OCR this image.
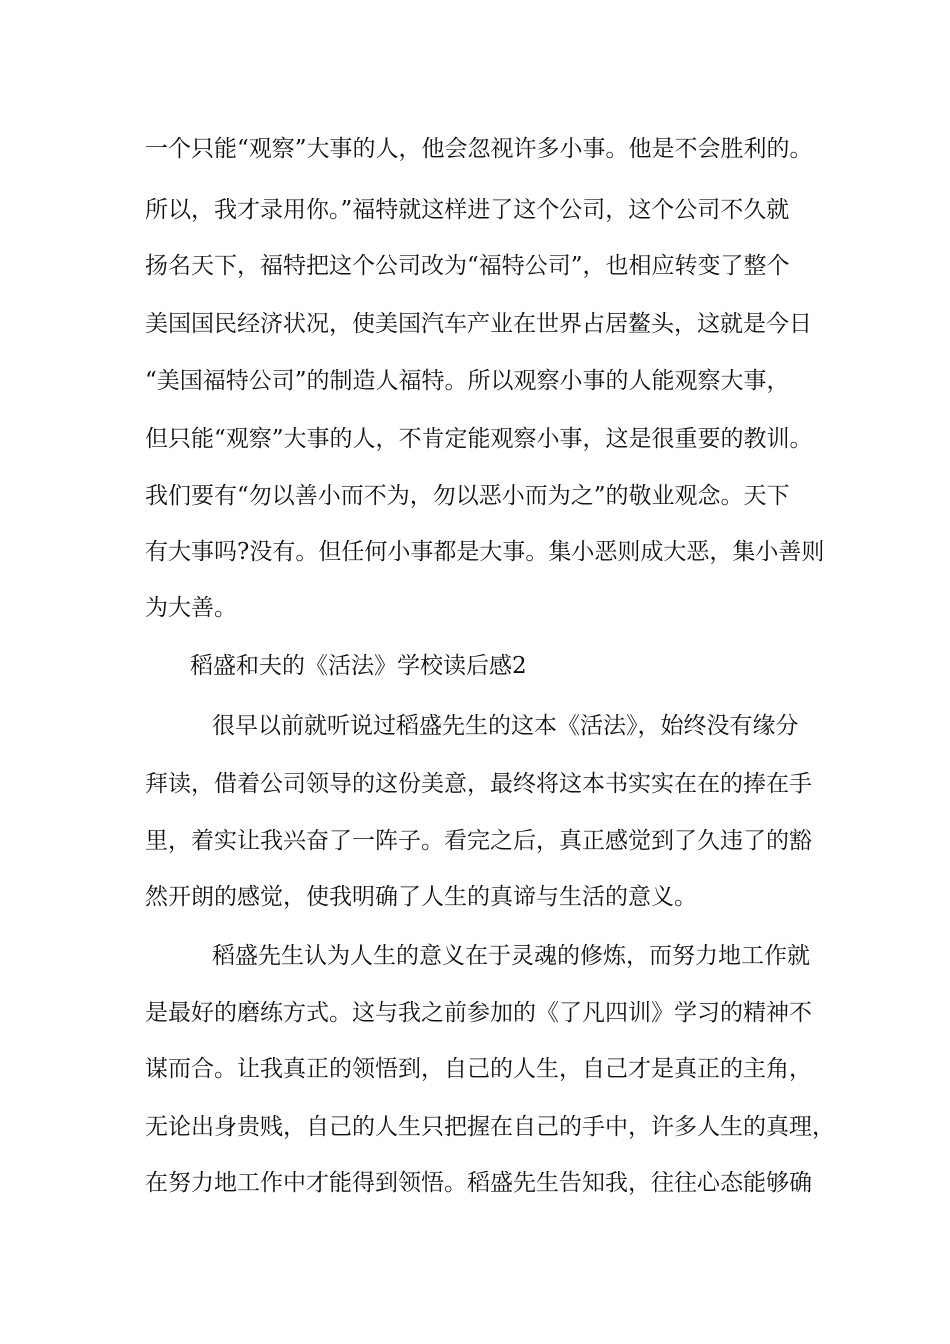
一个只能“观察”大事的人，他会忽视许多小事。他是不会胜利的。
所以，我才录用你。”福特就这样进了这个公司，这个公司不久就
扬名天下，福特把这个公司改为“福特公司”，也相应转变了整个
美国国民经济状况，使美国汽车产业在世界占居鳌头，这就是今日
“美国福特公司”的制造人福特。所以观察小事的人能观察大事，
但只能“观察”大事的人，不肯定能观察小事，这是很重要的教训。
我们要有“勿以善小而不为，勿以恶小而为之”的敬业观念。天下
有大事吗?没有。但任何小事都是大事。集小恶则成大恶，集小善则
为大善。
稻盛和夫的《活法》学校读后感2
很早以前就听说过稻盛先生的这本《活法》，始终没有缘分
拜读，借着公司领导的这份美意，最终将这本书实实在在的捧在手
里，着实让我兴奋了一阵子。看完之后，真正感觉到了久违了的豁
然开朗的感觉，使我明确了人生的真谛与生活的意义。
稻盛先生认为人生的意义在于灵魂的修炼，而努力地工作就
是最好的磨练方式。这与我之前参加的《了凡四训》学习的精神不
谋而合。让我真正的领悟到，自己的人生，自己才是真正的主角，
无论出身贵贱，自己的人生只把握在自己的手中，许多人生的真理，
在努力地工作中才能得到领悟。稻盛先生告知我，往往心态能够确
